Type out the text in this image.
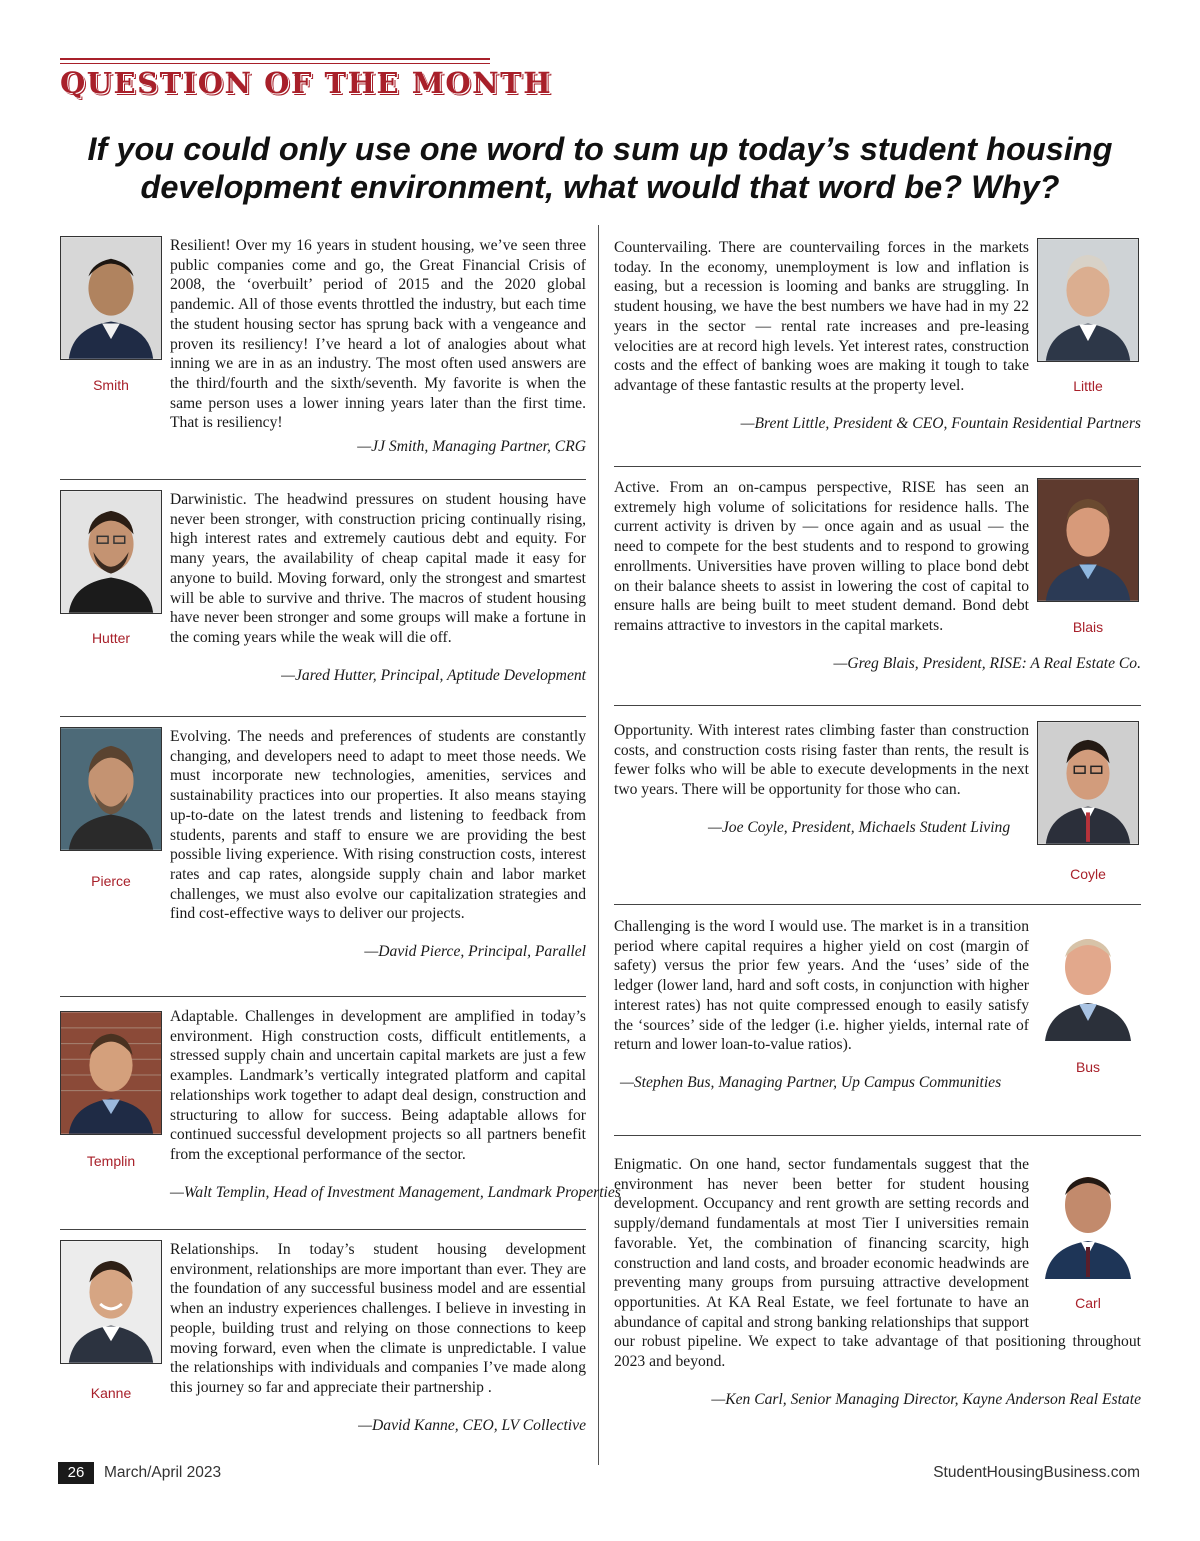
QUESTION OF THE MONTH
If you could only use one word to sum up today’s student housing
development environment, what would that word be? Why?
Smith
Resilient! Over my 16 years in student housing, we’ve seen three public companies come and go, the Great Financial Crisis of 2008, the ‘overbuilt’ period of 2015 and the 2020 global pandemic. All of those events throttled the industry, but each time the student housing sector has sprung back with a vengeance and proven its resiliency! I’ve heard a lot of analogies about what inning we are in as an industry. The most often used answers are the third/fourth and the sixth/seventh. My favorite is when the same person uses a lower inning years later than the first time. That is resiliency!
—JJ Smith, Managing Partner, CRG
Hutter
Darwinistic. The headwind pressures on student housing have never been stronger, with construction pricing continually rising, high interest rates and extremely cautious debt and equity. For many years, the availability of cheap capital made it easy for anyone to build. Moving forward, only the strongest and smartest will be able to survive and thrive. The macros of student housing have never been stronger and some groups will make a fortune in the coming years while the weak will die off.
—Jared Hutter, Principal, Aptitude Development
Pierce
Evolving. The needs and preferences of students are constantly changing, and developers need to adapt to meet those needs. We must incorporate new technologies, amenities, services and sustainability practices into our properties. It also means staying up-to-date on the latest trends and listening to feedback from students, parents and staff to ensure we are providing the best possible living experience. With rising construction costs, interest rates and cap rates, alongside supply chain and labor market challenges, we must also evolve our capitalization strategies and find cost-effective ways to deliver our projects.
—David Pierce, Principal, Parallel
Templin
Adaptable. Challenges in development are amplified in today’s environment. High construction costs, difficult entitlements, a stressed supply chain and uncertain capital markets are just a few examples. Landmark’s vertically integrated platform and capital relationships work together to adapt deal design, construction and structuring to allow for success. Being adaptable allows for continued successful development projects so all partners benefit from the exceptional performance of the sector.
—Walt Templin, Head of Investment Management, Landmark Properties
Kanne
Relationships. In today’s student housing development environment, relationships are more important than ever. They are the foundation of any successful business model and are essential when an industry experiences challenges. I believe in investing in people, building trust and relying on those connections to keep moving forward, even when the climate is unpredictable. I value the relationships with individuals and companies I’ve made along this journey so far and appreciate their partnership .
—David Kanne, CEO, LV Collective
Little
Countervailing. There are countervailing forces in the markets today. In the economy, unemployment is low and inflation is easing, but a recession is looming and banks are struggling. In student housing, we have the best numbers we have had in my 22 years in the sector — rental rate increases and pre-leasing velocities are at record high levels. Yet interest rates, construction costs and the effect of banking woes are making it tough to take advantage of these fantastic results at the property level.
—Brent Little, President & CEO, Fountain Residential Partners
Blais
Active. From an on-campus perspective, RISE has seen an extremely high volume of solicitations for residence halls. The current activity is driven by — once again and as usual — the need to compete for the best students and to respond to growing enrollments. Universities have proven willing to place bond debt on their balance sheets to assist in lowering the cost of capital to ensure halls are being built to meet student demand. Bond debt remains attractive to investors in the capital markets.
—Greg Blais, President, RISE: A Real Estate Co.
Coyle
Opportunity. With interest rates climbing faster than construction costs, and construction costs rising faster than rents, the result is fewer folks who will be able to execute developments in the next two years. There will be opportunity for those who can.
—Joe Coyle, President, Michaels Student Living
Bus
Challenging is the word I would use. The market is in a transition period where capital requires a higher yield on cost (margin of safety) versus the prior few years. And the ‘uses’ side of the ledger (lower land, hard and soft costs, in conjunction with higher interest rates) has not quite compressed enough to easily satisfy the ‘sources’ side of the ledger (i.e. higher yields, internal rate of return and lower loan-to-value ratios).
—Stephen Bus, Managing Partner, Up Campus Communities
Carl
Enigmatic. On one hand, sector fundamentals suggest that the environment has never been better for student housing development. Occupancy and rent growth are setting records and supply/demand fundamentals at most Tier I universities remain favorable. Yet, the combination of financing scarcity, high construction and land costs, and broader economic headwinds are preventing many groups from pursuing attractive development opportunities. At KA Real Estate, we feel fortunate to have an abundance of capital and strong banking relationships that support our robust pipeline. We expect to take advantage of that positioning throughout 2023 and beyond.
—Ken Carl, Senior Managing Director, Kayne Anderson Real Estate
26	March/April 2023	StudentHousingBusiness.com
